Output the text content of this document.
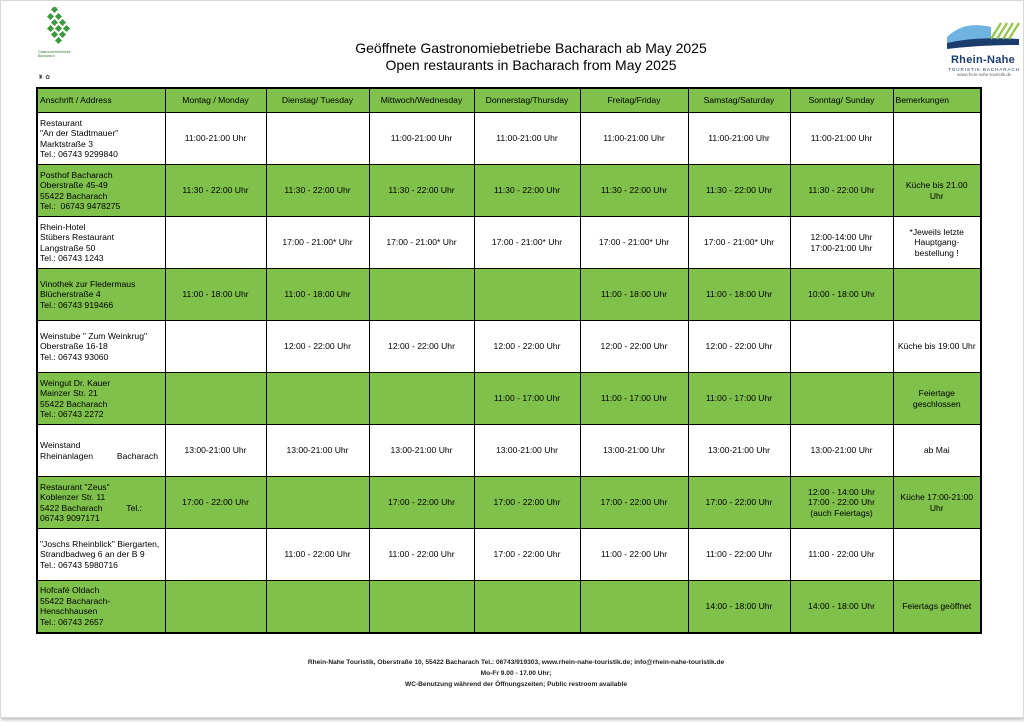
Gastronomiebetriebe
Bacharach
♜ ✿
Rhein-Nahe
TOURISTIK BACHARACH
www.rhein-nahe-touristik.de
Geöffnete Gastronomiebetriebe Bacharach ab May 2025
Open restaurants in Bacharach from May 2025
Anschrift / Address	Montag / Monday	Dienstag/ Tuesday	Mittwoch/Wednesday	Donnerstag/Thursday	Freitag/Friday	Samstag/Saturday	Sonntag/ Sunday	Bemerkungen

Restaurant
"An der Stadtmauer"
Marktstraße 3
Tel.: 06743 9299840	11:00-21:00 Uhr		11:00-21:00 Uhr	11:00-21:00 Uhr	11:00-21:00 Uhr	11:00-21:00 Uhr	11:00-21:00 Uhr	

Posthof Bacharach
Oberstraße 45-49
55422 Bacharach
Tel.:  06743 9478275	11:30 - 22:00 Uhr	11:30 - 22:00 Uhr	11:30 - 22:00 Uhr	11:30 - 22:00 Uhr	11:30 - 22:00 Uhr	11:30 - 22:00 Uhr	11:30 - 22:00 Uhr	Küche bis 21.00
Uhr

Rhein-Hotel
Stübers Restaurant
Langstraße 50
Tel.: 06743 1243		17:00 - 21:00* Uhr	17:00 - 21:00* Uhr	17:00 - 21:00* Uhr	17:00 - 21:00* Uhr	17:00 - 21:00* Uhr	12:00-14:00 Uhr
17:00-21:00 Uhr	*Jeweils letzte
Hauptgang-
bestellung !

Vinothek zur Fledermaus
Blücherstraße 4
Tel.: 06743 919466	11:00 - 18:00 Uhr	11:00 - 18:00 Uhr			11:00 - 18:00 Uhr	11:00 - 18:00 Uhr	10:00 - 18:00 Uhr	

Weinstube " Zum Weinkrug"
Oberstraße 16-18
Tel.: 06743 93060		12:00 - 22:00 Uhr	12:00 - 22:00 Uhr	12:00 - 22:00 Uhr	12:00 - 22:00 Uhr	12:00 - 22:00 Uhr		Küche bis 19:00 Uhr

Weingut Dr. Kauer
Mainzer Str. 21
55422 Bacharach
Tel.: 06743 2272				11:00 - 17:00 Uhr	11:00 - 17:00 Uhr	11:00 - 17:00 Uhr		Feiertage
geschlossen

Weinstand
Rheinanlagen          Bacharach	13:00-21:00 Uhr	13:00-21:00 Uhr	13:00-21:00 Uhr	13:00-21:00 Uhr	13:00-21:00 Uhr	13:00-21:00 Uhr	13:00-21:00 Uhr	ab Mai

Restaurant "Zeus"
Koblenzer Str. 11
5422 Bacharach          Tel.:
06743 9097171	17:00 - 22:00 Uhr		17:00 - 22:00 Uhr	17:00 - 22:00 Uhr	17:00 - 22:00 Uhr	17:00 - 22:00 Uhr	12:00 - 14:00 Uhr
17:00 - 22:00 Uhr
(auch Feiertags)	Küche 17:00-21:00
Uhr

"Joschs Rheinblick" Biergarten,
Strandbadweg 6 an der B 9
Tel.: 06743 5980716		11:00 - 22:00 Uhr	11:00 - 22:00 Uhr	17:00 - 22:00 Uhr	11:00 - 22:00 Uhr	11:00 - 22:00 Uhr	11:00 - 22:00 Uhr	

Hofcafé Oldach
55422 Bacharach-
Henschhausen
Tel.: 06743 2657						14:00 - 18:00 Uhr	14:00 - 18:00 Uhr	Feiertags geöffnet
Rhein-Nahe Touristik, Oberstraße 10, 55422 Bacharach Tel.: 06743/919303, www.rhein-nahe-touristik.de; info@rhein-nahe-touristik.de
Mo-Fr 9.00 - 17.00 Uhr;
WC-Benutzung während der Öffnungszeiten; Public restroom available
